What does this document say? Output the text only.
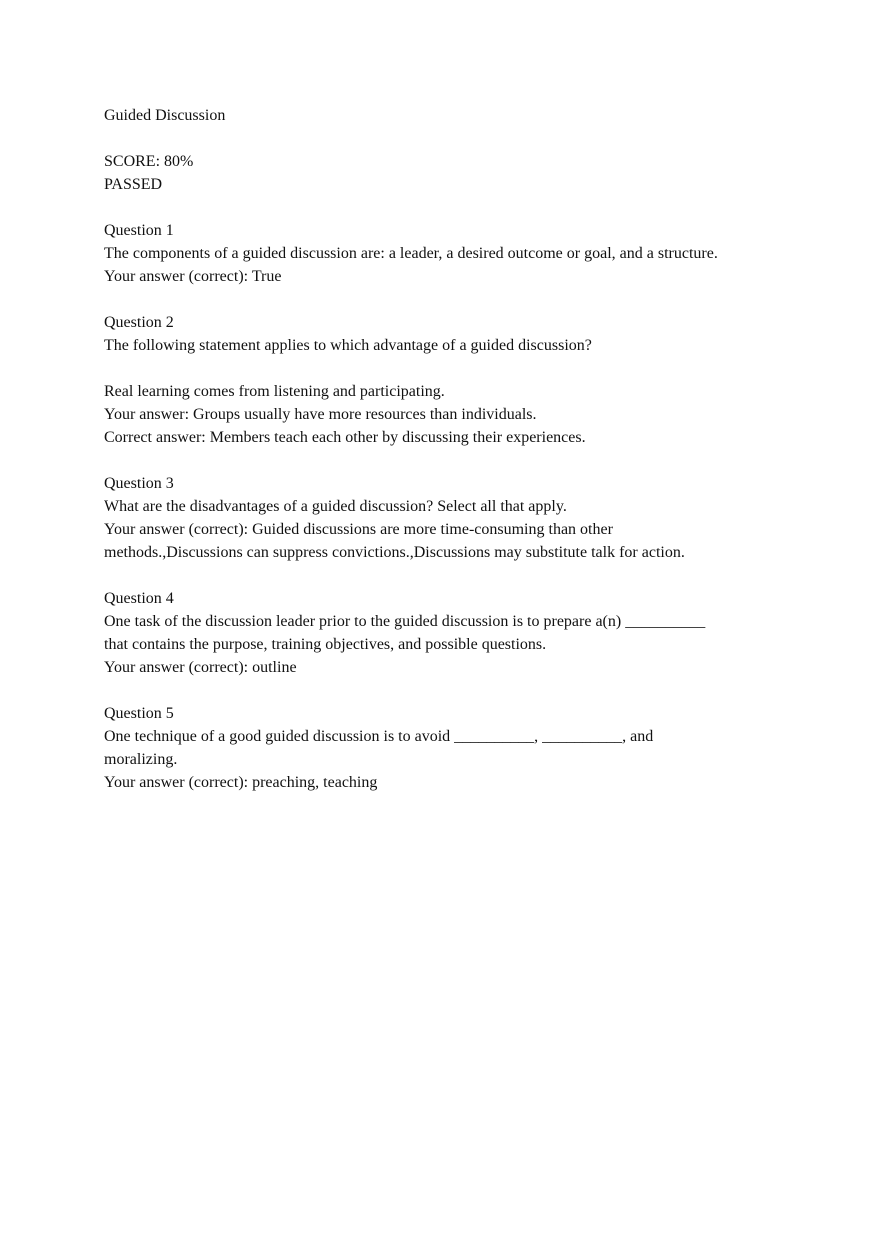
Guided Discussion
SCORE: 80%
PASSED
Question 1
The components of a guided discussion are: a leader, a desired outcome or goal, and a structure.
Your answer (correct): True
Question 2
The following statement applies to which advantage of a guided discussion?
Real learning comes from listening and participating.
Your answer: Groups usually have more resources than individuals.
Correct answer: Members teach each other by discussing their experiences.
Question 3
What are the disadvantages of a guided discussion? Select all that apply.
Your answer (correct): Guided discussions are more time-consuming than other
methods.,Discussions can suppress convictions.,Discussions may substitute talk for action.
Question 4
One task of the discussion leader prior to the guided discussion is to prepare a(n) __________
that contains the purpose, training objectives, and possible questions.
Your answer (correct): outline
Question 5
One technique of a good guided discussion is to avoid __________, __________, and
moralizing.
Your answer (correct): preaching, teaching
